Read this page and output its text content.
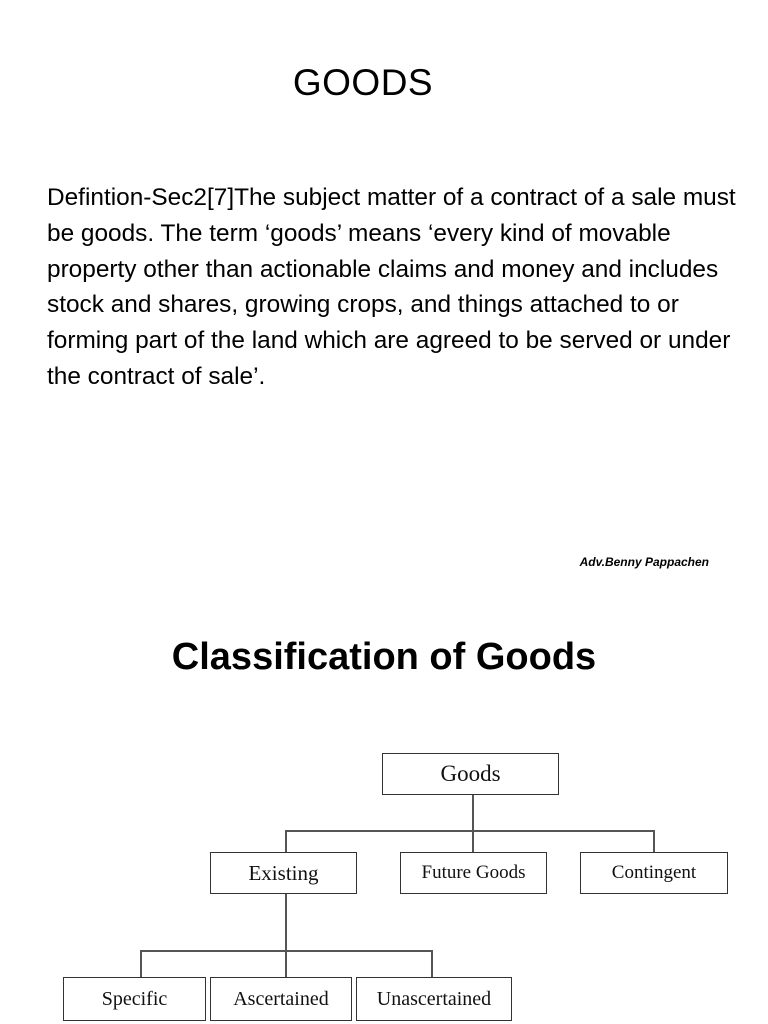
GOODS

Defintion-Sec2[7]The subject matter of a contract of a sale must be goods. The term ‘goods’ means ‘every kind of movable property other than actionable claims and money and includes stock and shares, growing crops, and things attached to or forming part of the land which are agreed to be served or under the contract of sale’.

Adv.Benny Pappachen

Classification of Goods
Goods
Existing	Future Goods	Contingent
Specific	Ascertained	Unascertained
